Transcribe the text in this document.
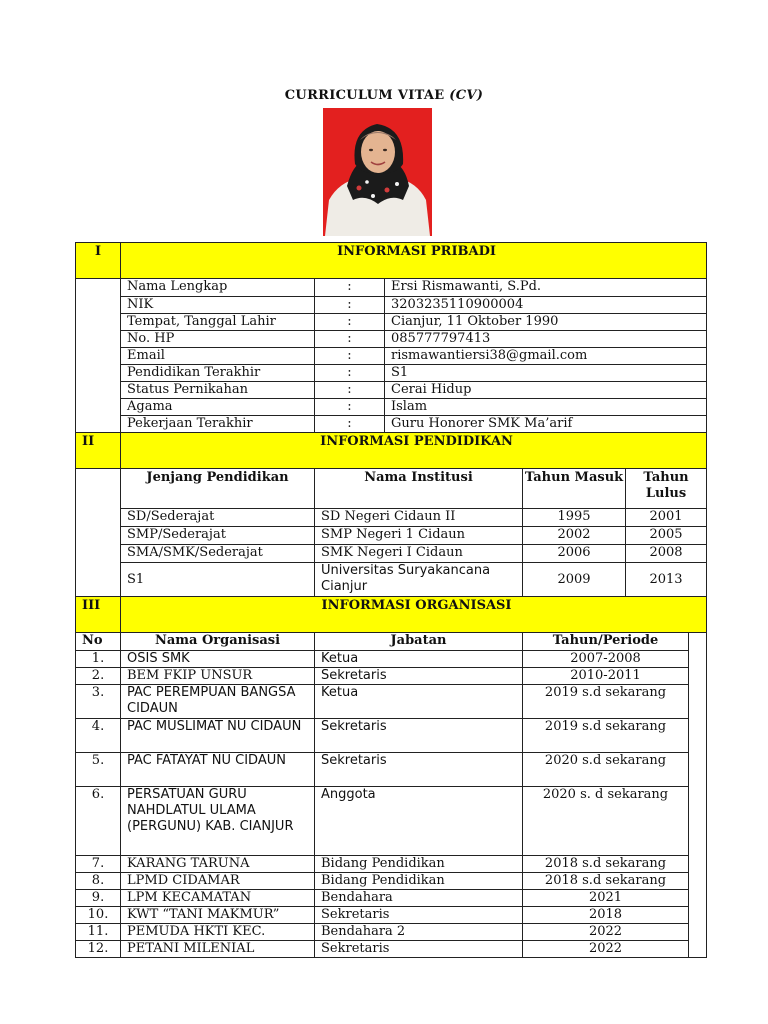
CURRICULUM VITAE (CV)
I	INFORMASI PRIBADI					
	Nama Lengkap	:	Ersi Rismawanti, S.Pd.			
	NIK	:	3203235110900004			
	Tempat, Tanggal Lahir	:	Cianjur, 11 Oktober 1990			
	No. HP	:	085777797413			
	Email	:	rismawantiersi38@gmail.com			
	Pendidikan Terakhir	:	S1			
	Status Pernikahan	:	Cerai Hidup			
	Agama	:	Islam			
	Pekerjaan Terakhir	:	Guru Honorer SMK Ma’arif			
II	INFORMASI PENDIDIKAN					
	Jenjang Pendidikan	Nama Institusi		Tahun Masuk	Tahun Lulus	
	SD/Sederajat	SD Negeri Cidaun II		1995	2001	
	SMP/Sederajat	SMP Negeri 1 Cidaun		2002	2005	
	SMA/SMK/Sederajat	SMK Negeri I Cidaun		2006	2008	
	S1	Universitas Suryakancana Cianjur		2009	2013	
III	INFORMASI ORGANISASI					
No	Nama Organisasi	Jabatan		Tahun/Periode		
1.	OSIS SMK	Ketua		2007-2008		
2.	BEM FKIP UNSUR	Sekretaris		2010-2011		
3.	PAC PEREMPUAN BANGSA CIDAUN	Ketua		2019 s.d sekarang		
4.	PAC MUSLIMAT NU CIDAUN	Sekretaris		2019 s.d sekarang		
5.	PAC FATAYAT NU CIDAUN	Sekretaris		2020 s.d sekarang		
6.	PERSATUAN GURU NAHDLATUL ULAMA (PERGUNU) KAB. CIANJUR	Anggota		2020 s. d sekarang		
7.	KARANG TARUNA	Bidang Pendidikan		2018 s.d sekarang		
8.	LPMD CIDAMAR	Bidang Pendidikan		2018 s.d sekarang		
9.	LPM KECAMATAN	Bendahara		2021		
10.	KWT “TANI MAKMUR”	Sekretaris		2018		
11.	PEMUDA HKTI KEC.	Bendahara 2		2022		
12.	PETANI MILENIAL	Sekretaris		2022		
